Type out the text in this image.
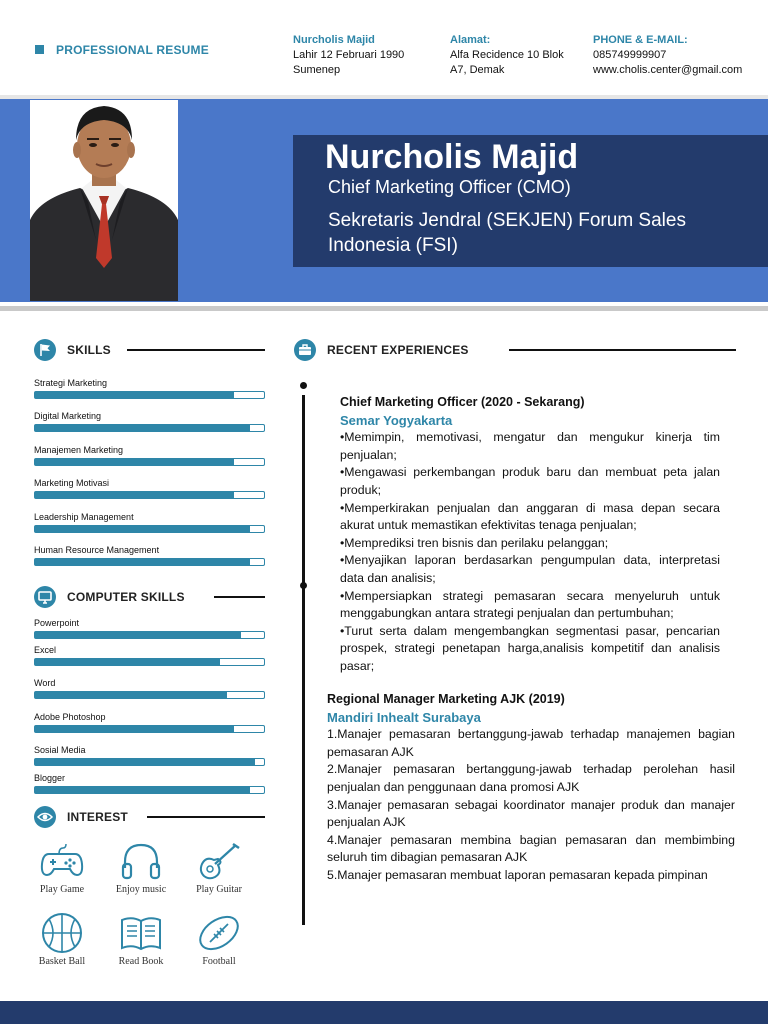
PROFESSIONAL RESUME
Nurcholis Majid
Lahir 12 Februari 1990
Sumenep
Alamat:
Alfa Recidence 10 Blok
A7, Demak
PHONE & E-MAIL:
085749999907
www.cholis.center@gmail.com
Nurcholis Majid
Chief Marketing Officer (CMO)
Sekretaris Jendral (SEKJEN) Forum Sales Indonesia (FSI)
SKILLS
Strategi Marketing
Digital Marketing
Manajemen Marketing
Marketing Motivasi
Leadership Management
Human Resource Management
COMPUTER SKILLS
Powerpoint
Excel
Word
Adobe Photoshop
Sosial Media
Blogger
INTEREST
Play Game	Enjoy music	Play Guitar
Basket Ball	Read Book	Football
RECENT EXPERIENCES
Chief Marketing Officer (2020 - Sekarang)
Semar Yogyakarta

•Memimpin, memotivasi, mengatur dan mengukur kinerja tim penjualan;

•Mengawasi perkembangan produk baru dan membuat peta jalan produk;

•Memperkirakan penjualan dan anggaran di masa depan secara akurat untuk memastikan efektivitas tenaga penjualan;

•Memprediksi tren bisnis dan perilaku pelanggan;

•Menyajikan laporan berdasarkan pengumpulan data, interpretasi data dan analisis;

•Mempersiapkan strategi pemasaran secara menyeluruh untuk menggabungkan antara strategi penjualan dan pertumbuhan;

•Turut serta dalam mengembangkan segmentasi pasar, pencarian prospek, strategi penetapan harga,analisis kompetitif dan analisis pasar;

Regional Manager Marketing AJK (2019)
Mandiri Inhealt Surabaya

1.Manajer pemasaran bertanggung-jawab terhadap manajemen bagian pemasaran AJK

2.Manajer pemasaran bertanggung-jawab terhadap perolehan hasil penjualan dan penggunaan dana promosi AJK

3.Manajer pemasaran sebagai koordinator manajer produk dan manajer penjualan AJK

4.Manajer pemasaran membina bagian pemasaran dan membimbing seluruh tim dibagian pemasaran AJK

5.Manajer pemasaran membuat laporan pemasaran kepada pimpinan
